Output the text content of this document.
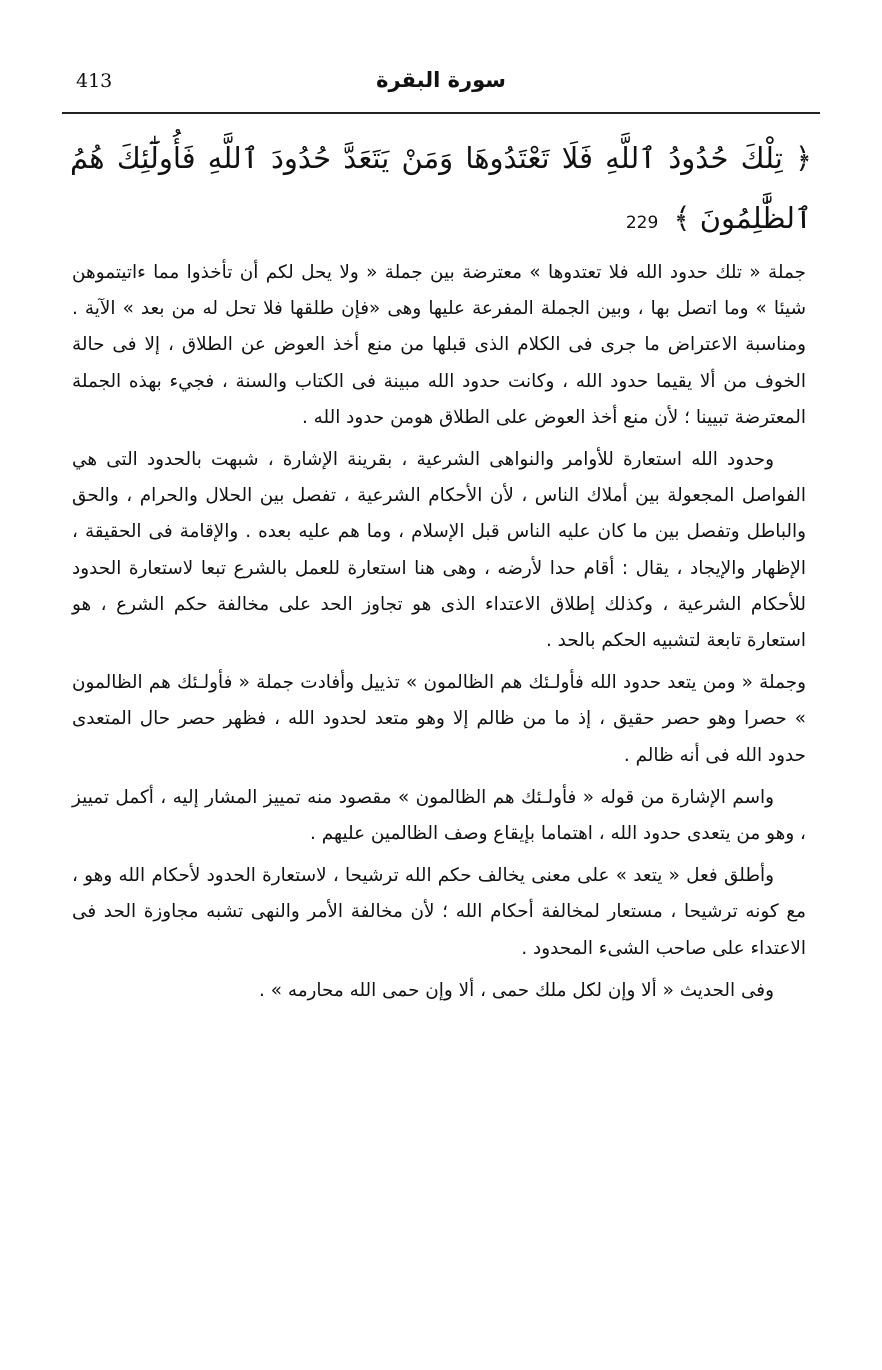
سورة البقرة
413
﴿ تِلْكَ حُدُودُ ٱللَّهِ فَلَا تَعْتَدُوهَا وَمَنْ يَتَعَدَّ حُدُودَ ٱللَّهِ فَأُولَٰٓئِكَ هُمُ ٱلظَّٰلِمُونَ ﴾ 229

جملة « تلك حدود الله فلا تعتدوها » معترضة بين جملة « ولا يحل لكم أن تأخذوا مما ءاتيتموهن شيئا » وما اتصل بها ، وبين الجملة المفرعة عليها وهى «فإن طلقها فلا تحل له من بعد » الآية . ومناسبة الاعتراض ما جرى فى الكلام الذى قبلها من منع أخذ العوض عن الطلاق ، إلا فى حالة الخوف من ألا يقيما حدود الله ، وكانت حدود الله مبينة فى الكتاب والسنة ، فجيء بهذه الجملة المعترضة تبيينا ؛ لأن منع أخذ العوض على الطلاق هومن حدود الله .

وحدود الله استعارة للأوامر والنواهى الشرعية ، بقرينة الإشارة ، شبهت بالحدود التى هي الفواصل المجعولة بين أملاك الناس ، لأن الأحكام الشرعية ، تفصل بين الحلال والحرام ، والحق والباطل وتفصل بين ما كان عليه الناس قبل الإسلام ، وما هم عليه بعده . والإقامة فى الحقيقة ، الإظهار والإيجاد ، يقال : أقام حدا لأرضه ، وهى هنا استعارة للعمل بالشرع تبعا لاستعارة الحدود للأحكام الشرعية ، وكذلك إطلاق الاعتداء الذى هو تجاوز الحد على مخالفة حكم الشرع ، هو استعارة تابعة لتشبيه الحكم بالحد .

وجملة « ومن يتعد حدود الله فأولـئك هم الظالمون » تذييل وأفادت جملة « فأولـئك هم الظالمون » حصرا وهو حصر حقيق ، إذ ما من ظالم إلا وهو متعد لحدود الله ، فظهر حصر حال المتعدى حدود الله فى أنه ظالم .

واسم الإشارة من قوله « فأولـئك هم الظالمون » مقصود منه تمييز المشار إليه ، أكمل تمييز ، وهو من يتعدى حدود الله ، اهتماما بإيقاع وصف الظالمين عليهم .

وأطلق فعل « يتعد » على معنى يخالف حكم الله ترشيحا ، لاستعارة الحدود لأحكام الله وهو ، مع كونه ترشيحا ، مستعار لمخالفة أحكام الله ؛ لأن مخالفة الأمر والنهى تشبه مجاوزة الحد فى الاعتداء على صاحب الشىء المحدود .

وفى الحديث « ألا وإن لكل ملك حمى ، ألا وإن حمى الله محارمه » .
